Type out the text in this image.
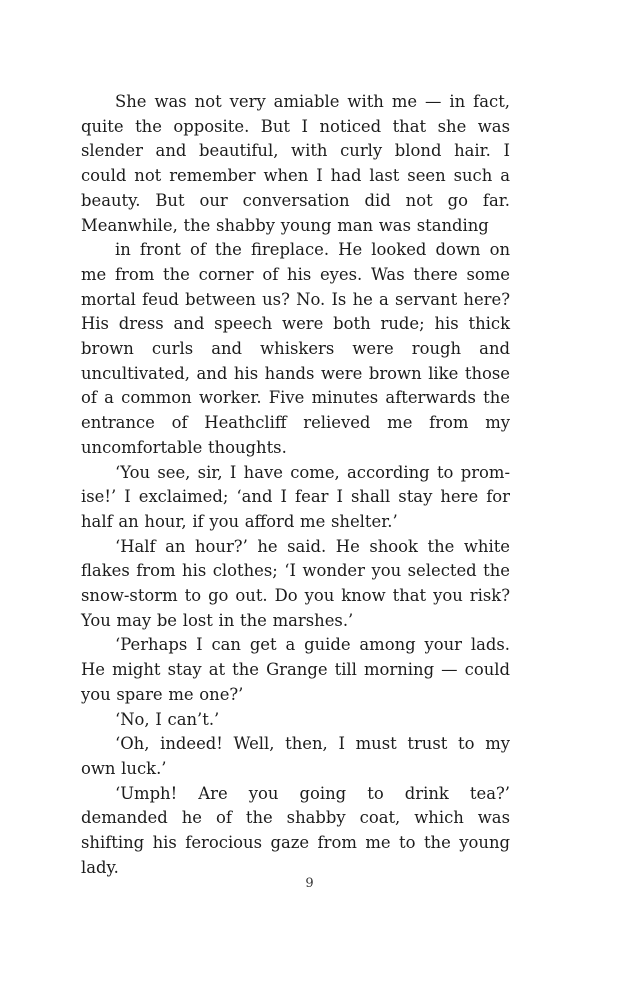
She was not very amiable with me — in fact, quite the opposite. But I noticed that she was slender and beautiful, with curly blond hair. I could not remember when I had last seen such a beauty. But our conversation did not go far. Meanwhile, the shabby young man was standing

in front of the fireplace. He looked down on me from the corner of his eyes. Was there some mortal feud between us? No. Is he a servant here? His dress and speech were both rude; his thick brown curls and whiskers were rough and uncultivated, and his hands were brown like those of a common worker. Five minutes afterwards the entrance of Heathcliff relieved me from my uncomfortable thoughts.

‘You see, sir, I have come, according to promise!’ I exclaimed; ‘and I fear I shall stay here for half an hour, if you afford me shelter.’

‘Half an hour?’ he said. He shook the white flakes from his clothes; ‘I wonder you selected the snow-storm to go out. Do you know that you risk? You may be lost in the marshes.’

‘Perhaps I can get a guide among your lads. He might stay at the Grange till morning — could you spare me one?’

‘No, I can’t.’

‘Oh, indeed! Well, then, I must trust to my own luck.’

‘Umph! Are you going to drink tea?’ demanded he of the shabby coat, which was shifting his ferocious gaze from me to the young lady.

9
